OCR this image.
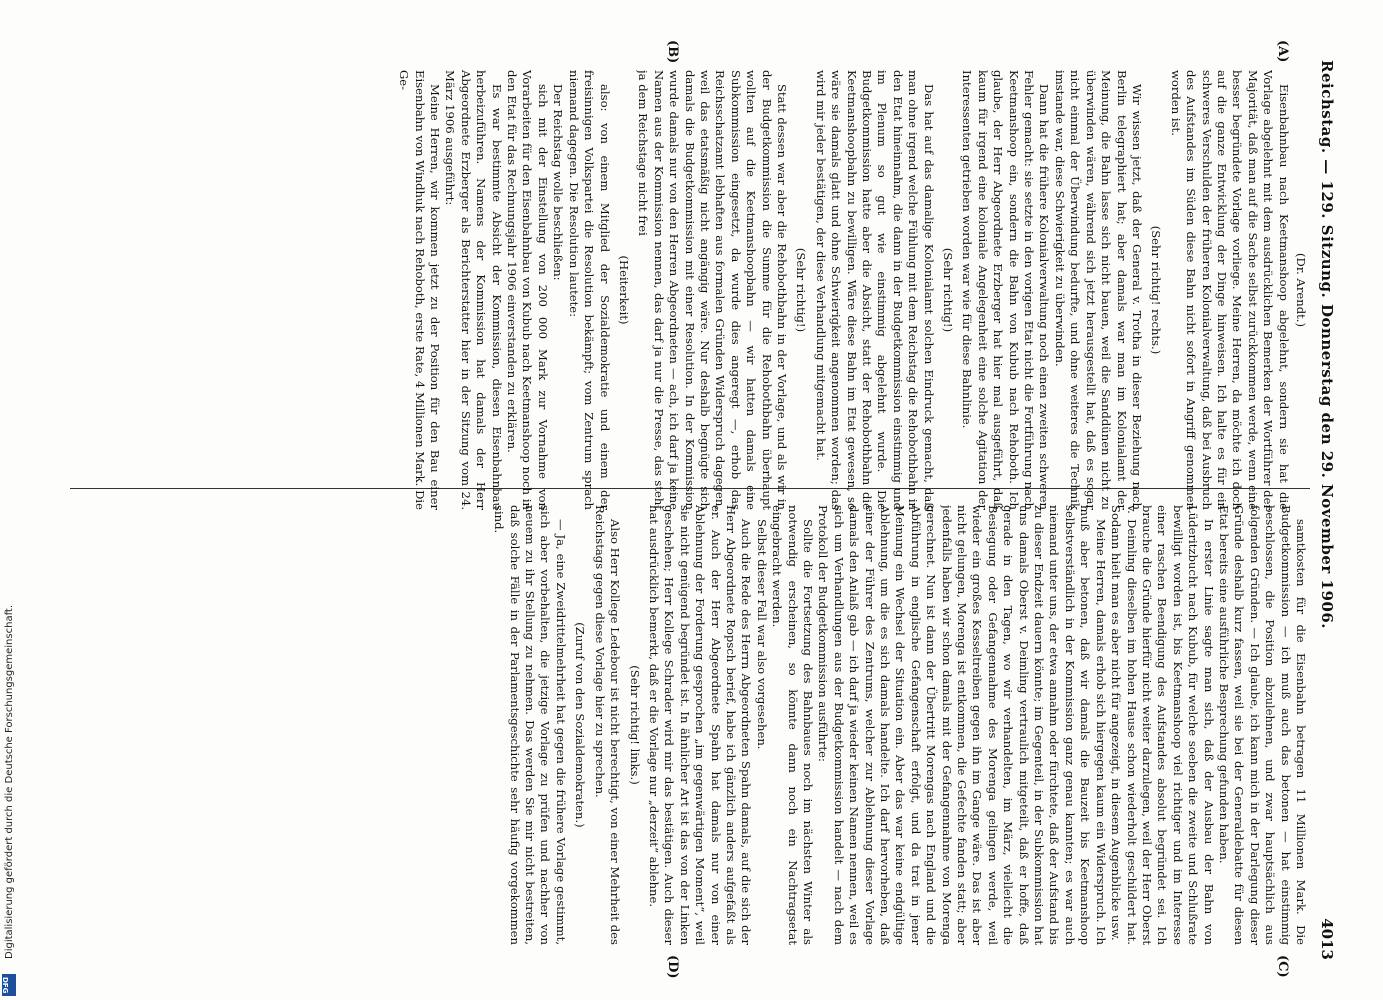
Digitalisierung gefördert durch die Deutsche Forschungsgemeinschaft.
DFG
Reichstag. — 129. Sitzung. Donnerstag den 29. November 1906.
4013
(A)
(B)
(C)
(D)
(Dr. Arendt.)

Eisenbahnbau nach Keetmanshoop abgelehnt, sondern sie hat die Vorlage abgelehnt mit dem ausdrücklichen Bemerken der Wortführer der Majorität, daß man auf die Sache selbst zurückkommen werde, wenn eine besser begründete Vorlage vorliege. Meine Herren, da möchte ich doch auf die ganze Entwicklung der Dinge hinweisen. Ich halte es für ein schweres Verschulden der früheren Kolonialverwaltung, daß bei Ausbruch des Aufstandes im Süden diese Bahn nicht sofort in Angriff genommen worden ist.

(Sehr richtig! rechts.)

Wir wissen jetzt, daß der General v. Trotha in dieser Beziehung nach Berlin telegraphiert hat; aber damals war man im Kolonialamt der Meinung, die Bahn lasse sich nicht bauen, weil die Sanddünen nicht zu überwinden wären, während sich jetzt herausgestellt hat, daß es sogar nicht einmal der Überwindung bedurfte, und ohne weiteres die Technik imstande war, diese Schwierigkeit zu überwinden.

Dann hat die frühere Kolonialverwaltung noch einen zweiten schweren Fehler gemacht: sie setzte in den vorigen Etat nicht die Fortführung nach Keetmanshoop ein, sondern die Bahn von Kubub nach Rehoboth. Ich glaube, der Herr Abgeordnete Erzberger hat hier mal ausgeführt, daß kaum für irgend eine koloniale Angelegenheit eine solche Agitation der Interessenten getrieben worden war wie für diese Bahnlinie.

(Sehr richtig!)

Das hat auf das damalige Kolonialamt solchen Eindruck gemacht, daß man ohne irgend welche Fühlung mit dem Reichstag die Rehobothbahn in den Etat hineinnahm, die dann in der Budgetkommission einstimmig und im Plenum so gut wie einstimmig abgelehnt wurde. Die Budgetkommission hatte aber die Absicht, statt der Rehobothbahn die Keetmanshoopbahn zu bewilligen. Wäre diese Bahn im Etat gewesen, so wäre sie damals glatt und ohne Schwierigkeit angenommen worden; das wird mir jeder bestätigen, der diese Verhandlung mitgemacht hat.

(Sehr richtig!)

Statt dessen war aber die Rehobothbahn in der Vorlage, und als wir in der Budgetkommission die Summe für die Rehobothbahn überhaupt wollten auf die Keetmanshoopbahn — wir hatten damals eine Subkommission eingesetzt, da wurde dies angeregt —, erhob das Reichsschatzamt lebhaften aus formalen Gründen Widerspruch dagegen, weil das etatsmäßig nicht angängig wäre. Nur deshalb begnügte sich damals die Budgetkommission mit einer Resolution. In der Kommission wurde damals nur von den Herren Abgeordneten — ach, ich darf ja keine Namen aus der Kommission nennen, das darf ja nur die Presse, das steht ja dem Reichstage nicht frei

(Heiterkeit)

also: von einem Mitglied der Sozialdemokratie und einem der freisinnigen Volkspartei die Resolution bekämpft; vom Zentrum sprach niemand dagegen. Die Resolution lautete:

Der Reichstag wolle beschließen:

sich mit der Einstellung von 200 000 Mark zur Vornahme von Vorarbeiten für den Eisenbahnbau von Kubub nach Keetmanshoop noch in den Etat für das Rechnungsjahr 1906 einverstanden zu erklären.

Es war bestimmte Absicht der Kommission, diesen Eisenbahnbau herbeizuführen. Namens der Kommission hat damals der Herr Abgeordnete Erzberger als Berichterstatter hier in der Sitzung vom 24. März 1906 ausgeführt:

Meine Herren, wir kommen jetzt zu der Position für den Bau einer Eisenbahn von Windhuk nach Rehoboth, erste Rate, 4 Millionen Mark. Die Ge-

samtkosten für die Eisenbahn betragen 11 Millionen Mark. Die Budgetkommission — ich muß auch das betonen — hat einstimmig beschlossen, die Position abzulehnen, und zwar hauptsächlich aus folgenden Gründen. — Ich glaube, ich kann mich in der Darlegung dieser Gründe deshalb kurz fassen, weil sie bei der Generaldebatte für diesen Etat bereits eine ausführliche Besprechung gefunden haben.

In erster Linie sagte man sich, daß der Ausbau der Bahn von Lüderitzbucht nach Kubub, für welche soeben die zweite und Schlußrate bewilligt worden ist, bis Keetmanshoop viel richtiger und im Interesse einer raschen Beendigung des Aufstandes absolut begründet sei. Ich brauche die Gründe hierfür nicht weiter darzulegen, weil der Herr Oberst v. Deimling dieselben im hohen Hause schon wiederholt geschildert hat. Sodann hielt man es aber nicht für angezeigt, in diesem Augenblicke usw.

Meine Herren, damals erhob sich hiergegen kaum ein Widerspruch. Ich muß aber betonen, daß wir damals die Bauzeit bis Keetmanshoop selbstverständlich in der Kommission ganz genau kannten; es war auch niemand unter uns, der etwa annahm oder fürchtete, daß der Aufstand bis zu dieser Endzeit dauern könnte; im Gegenteil, in der Subkommission hat uns damals Oberst v. Deimling vertraulich mitgeteilt, daß er hoffe, daß gerade in den Tagen, wo wir verhandelten, im März, vielleicht die Besiegung oder Gefangennahme des Morenga gelingen werde, weil wieder ein großes Kesseltreiben gegen ihn im Gange wäre. Das ist aber nicht gelungen, Morenga ist entkommen, die Gefechte fanden statt; aber jedenfalls haben wir schon damals mit der Gefangennahme von Morenga gerechnet. Nun ist dann der Übertritt Morengas nach England und die Abführung in englische Gefangenschaft erfolgt, und da trat in jener Meinung ein Wechsel der Situation ein. Aber das war keine endgültige Ablehnung, um die es sich damals handelte. Ich darf hervorheben, daß einer der Führer des Zentrums, welcher zur Ablehnung dieser Vorlage damals den Anlaß gab — ich darf ja wieder keinen Namen nennen, weil es sich um Verhandlungen aus der Budgetkommission handelt — nach dem Protokoll der Budgetkommission ausführte:

Sollte die Fortsetzung des Bahnbaues noch im nächsten Winter als notwendig erscheinen, so könnte dann noch ein Nachtragsetat eingebracht werden.

Selbst dieser Fall war also vorgesehen.

Auch die Rede des Herrn Abgeordneten Spahn damals, auf die sich der Herr Abgeordnete Ropsch berief, habe ich gänzlich anders aufgefaßt als er. Auch der Herr Abgeordnete Spahn hat damals nur von einer Ablehnung der Forderung gesprochen „im gegenwärtigen Moment“, weil sie nicht genügend begründet ist. In ähnlicher Art ist das von der Linken geschehen; Herr Kollege Schrader wird mir das bestätigen. Auch dieser hat ausdrücklich bemerkt, daß er die Vorlage nur „derzeit“ ablehne.

(Sehr richtig! links.)

Also Herr Kollege Ledebour ist nicht berechtigt, von einer Mehrheit des Reichstags gegen diese Vorlage hier zu sprechen.

(Zuruf von den Sozialdemokraten.)

— Ja, eine Zweidrittelmehrheit hat gegen die frühere Vorlage gestimmt, sich aber vorbehalten, die jetzige Vorlage zu prüfen und nachher von neuem zu ihr Stellung zu nehmen. Das werden Sie mir nicht bestreiten, daß solche Fälle in der Parlamentsgeschichte sehr häufig vorgekommen sind.
